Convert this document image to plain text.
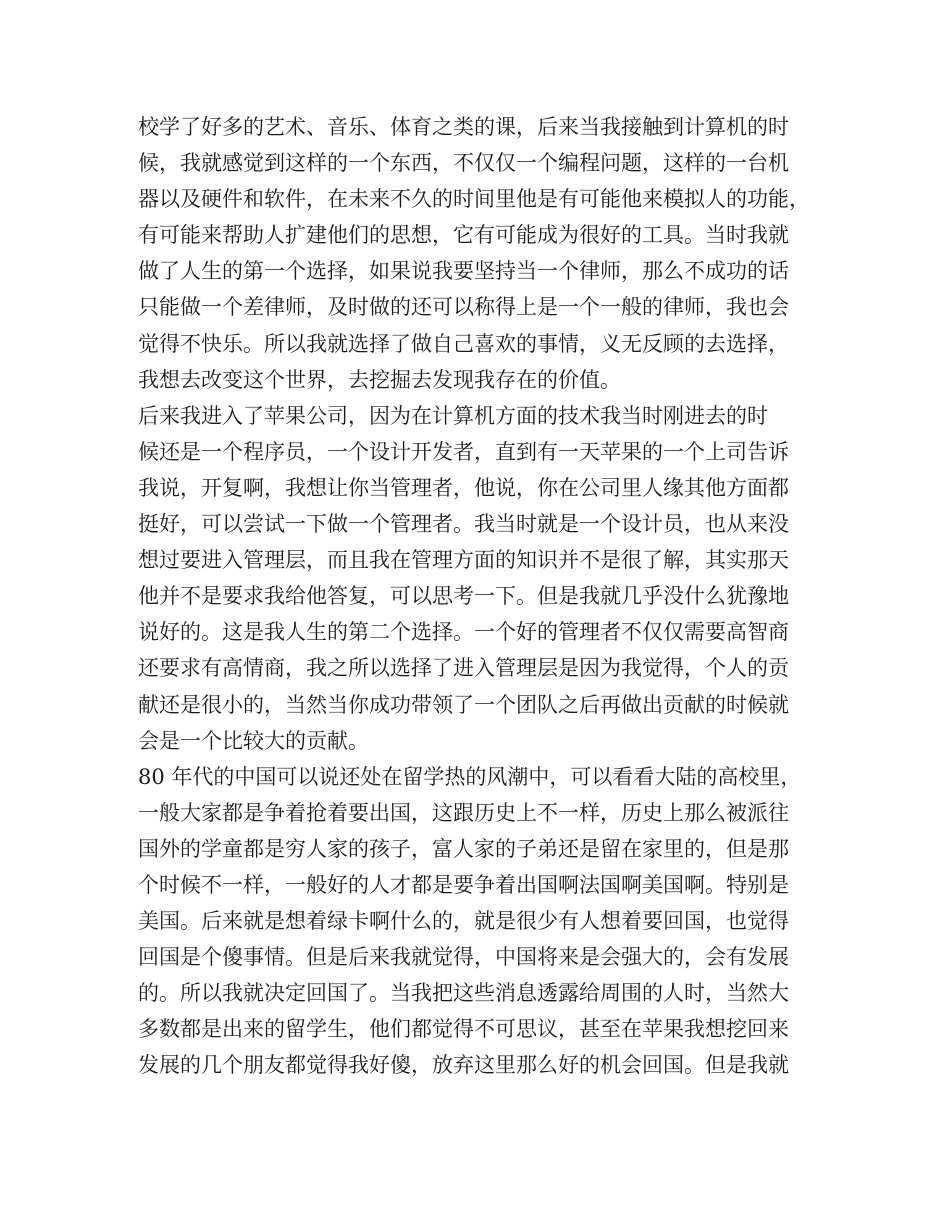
校学了好多的艺术、音乐、体育之类的课，后来当我接触到计算机的时
候，我就感觉到这样的一个东西，不仅仅一个编程问题，这样的一台机
器以及硬件和软件，在未来不久的时间里他是有可能他来模拟人的功能，
有可能来帮助人扩建他们的思想，它有可能成为很好的工具。当时我就
做了人生的第一个选择，如果说我要坚持当一个律师，那么不成功的话
只能做一个差律师，及时做的还可以称得上是一个一般的律师，我也会
觉得不快乐。所以我就选择了做自己喜欢的事情，义无反顾的去选择，
我想去改变这个世界，去挖掘去发现我存在的价值。
后来我进入了苹果公司，因为在计算机方面的技术我当时刚进去的时
候还是一个程序员，一个设计开发者，直到有一天苹果的一个上司告诉
我说，开复啊，我想让你当管理者，他说，你在公司里人缘其他方面都
挺好，可以尝试一下做一个管理者。我当时就是一个设计员，也从来没
想过要进入管理层，而且我在管理方面的知识并不是很了解，其实那天
他并不是要求我给他答复，可以思考一下。但是我就几乎没什么犹豫地
说好的。这是我人生的第二个选择。一个好的管理者不仅仅需要高智商
还要求有高情商，我之所以选择了进入管理层是因为我觉得，个人的贡
献还是很小的，当然当你成功带领了一个团队之后再做出贡献的时候就
会是一个比较大的贡献。
80 年代的中国可以说还处在留学热的风潮中，可以看看大陆的高校里，
一般大家都是争着抢着要出国，这跟历史上不一样，历史上那么被派往
国外的学童都是穷人家的孩子，富人家的子弟还是留在家里的，但是那
个时候不一样，一般好的人才都是要争着出国啊法国啊美国啊。特别是
美国。后来就是想着绿卡啊什么的，就是很少有人想着要回国，也觉得
回国是个傻事情。但是后来我就觉得，中国将来是会强大的，会有发展
的。所以我就决定回国了。当我把这些消息透露给周围的人时，当然大
多数都是出来的留学生，他们都觉得不可思议，甚至在苹果我想挖回来
发展的几个朋友都觉得我好傻，放弃这里那么好的机会回国。但是我就
